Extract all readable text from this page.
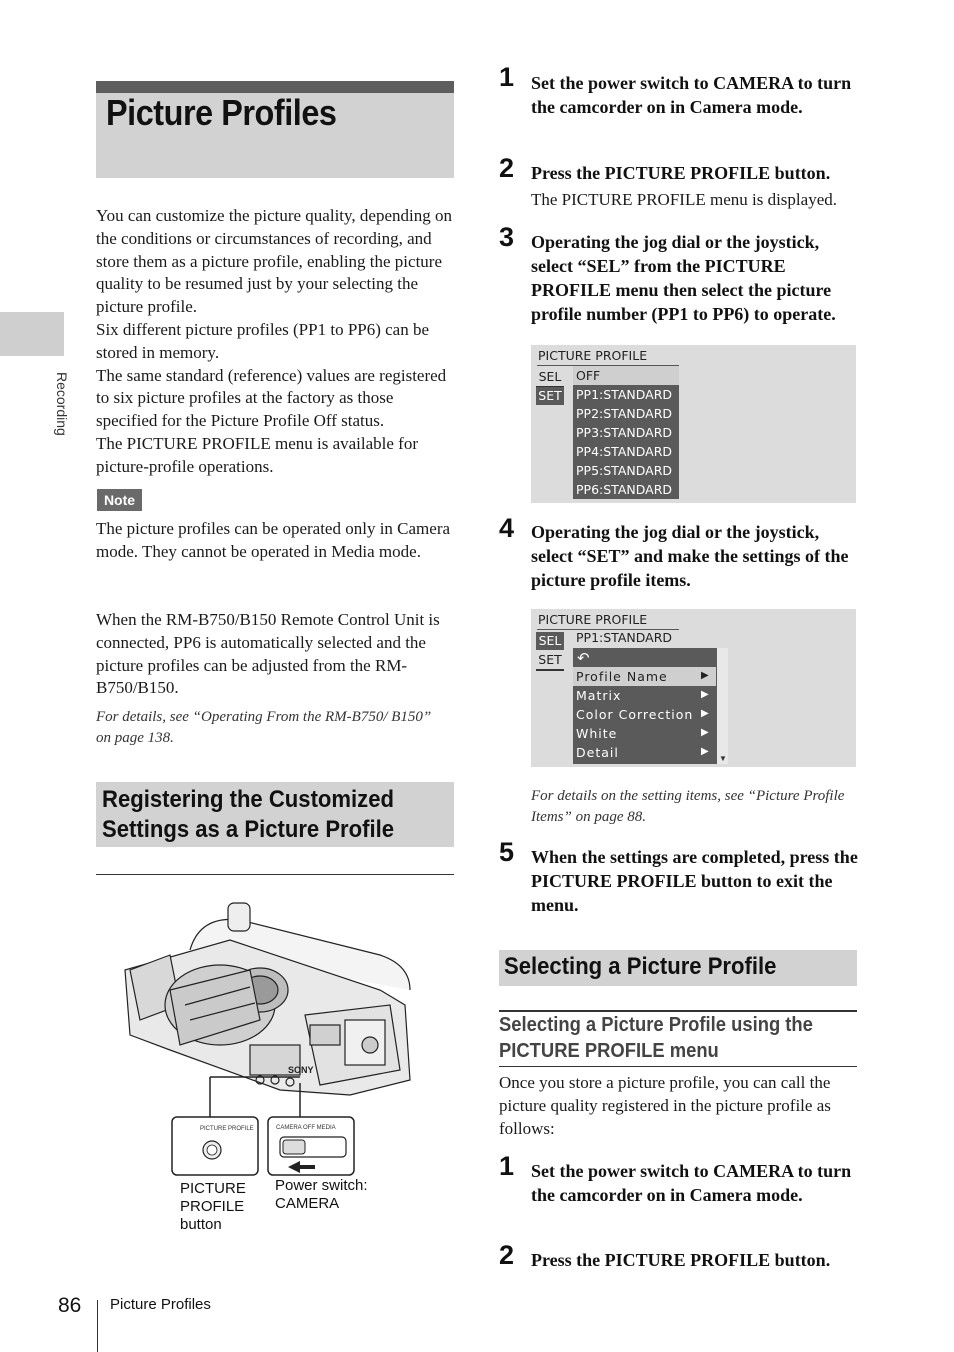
Recording
Picture Profiles

You can customize the picture quality, depending on the conditions or circumstances of recording, and store them as a picture profile, enabling the picture quality to be resumed just by your selecting the picture profile.

Six different picture profiles (PP1 to PP6) can be stored in memory.

The same standard (reference) values are registered to six picture profiles at the factory as those specified for the Picture Profile Off status.

The PICTURE PROFILE menu is available for picture-profile operations.

Note

The picture profiles can be operated only in Camera mode. They cannot be operated in Media mode.

When the RM-B750/B150 Remote Control Unit is connected, PP6 is automatically selected and the picture profiles can be adjusted from the RM-B750/B150.

For details, see “Operating From the RM-B750/ B150” on page 138.
Registering the Customized Settings as a Picture Profile
SONY
PICTURE PROFILE	CAMERA OFF MEDIA
PICTURE PROFILE button
Power switch: CAMERA
1 Set the power switch to CAMERA to turn the camcorder on in Camera mode.
2 Press the PICTURE PROFILE button.
The PICTURE PROFILE menu is displayed.
3 Operating the jog dial or the joystick, select “SEL” from the PICTURE PROFILE menu then select the picture profile number (PP1 to PP6) to operate.
PICTURE PROFILE
SEL
SET
OFF
PP1:STANDARD
PP2:STANDARD
PP3:STANDARD
PP4:STANDARD
PP5:STANDARD
PP6:STANDARD
4 Operating the jog dial or the joystick, select “SET” and make the settings of the picture profile items.
PICTURE PROFILE
PP1:STANDARD
SEL
SET ↶
Profile Name
Matrix
Color Correction
White
Detail
▶
▶
▶
▶
▶
▼
For details on the setting items, see “Picture Profile Items” on page 88.
5 When the settings are completed, press the PICTURE PROFILE button to exit the menu.
Selecting a Picture Profile
Selecting a Picture Profile using the PICTURE PROFILE menu
Once you store a picture profile, you can call the picture quality registered in the picture profile as follows:
1 Set the power switch to CAMERA to turn the camcorder on in Camera mode.
2 Press the PICTURE PROFILE button.
86 Picture Profiles
